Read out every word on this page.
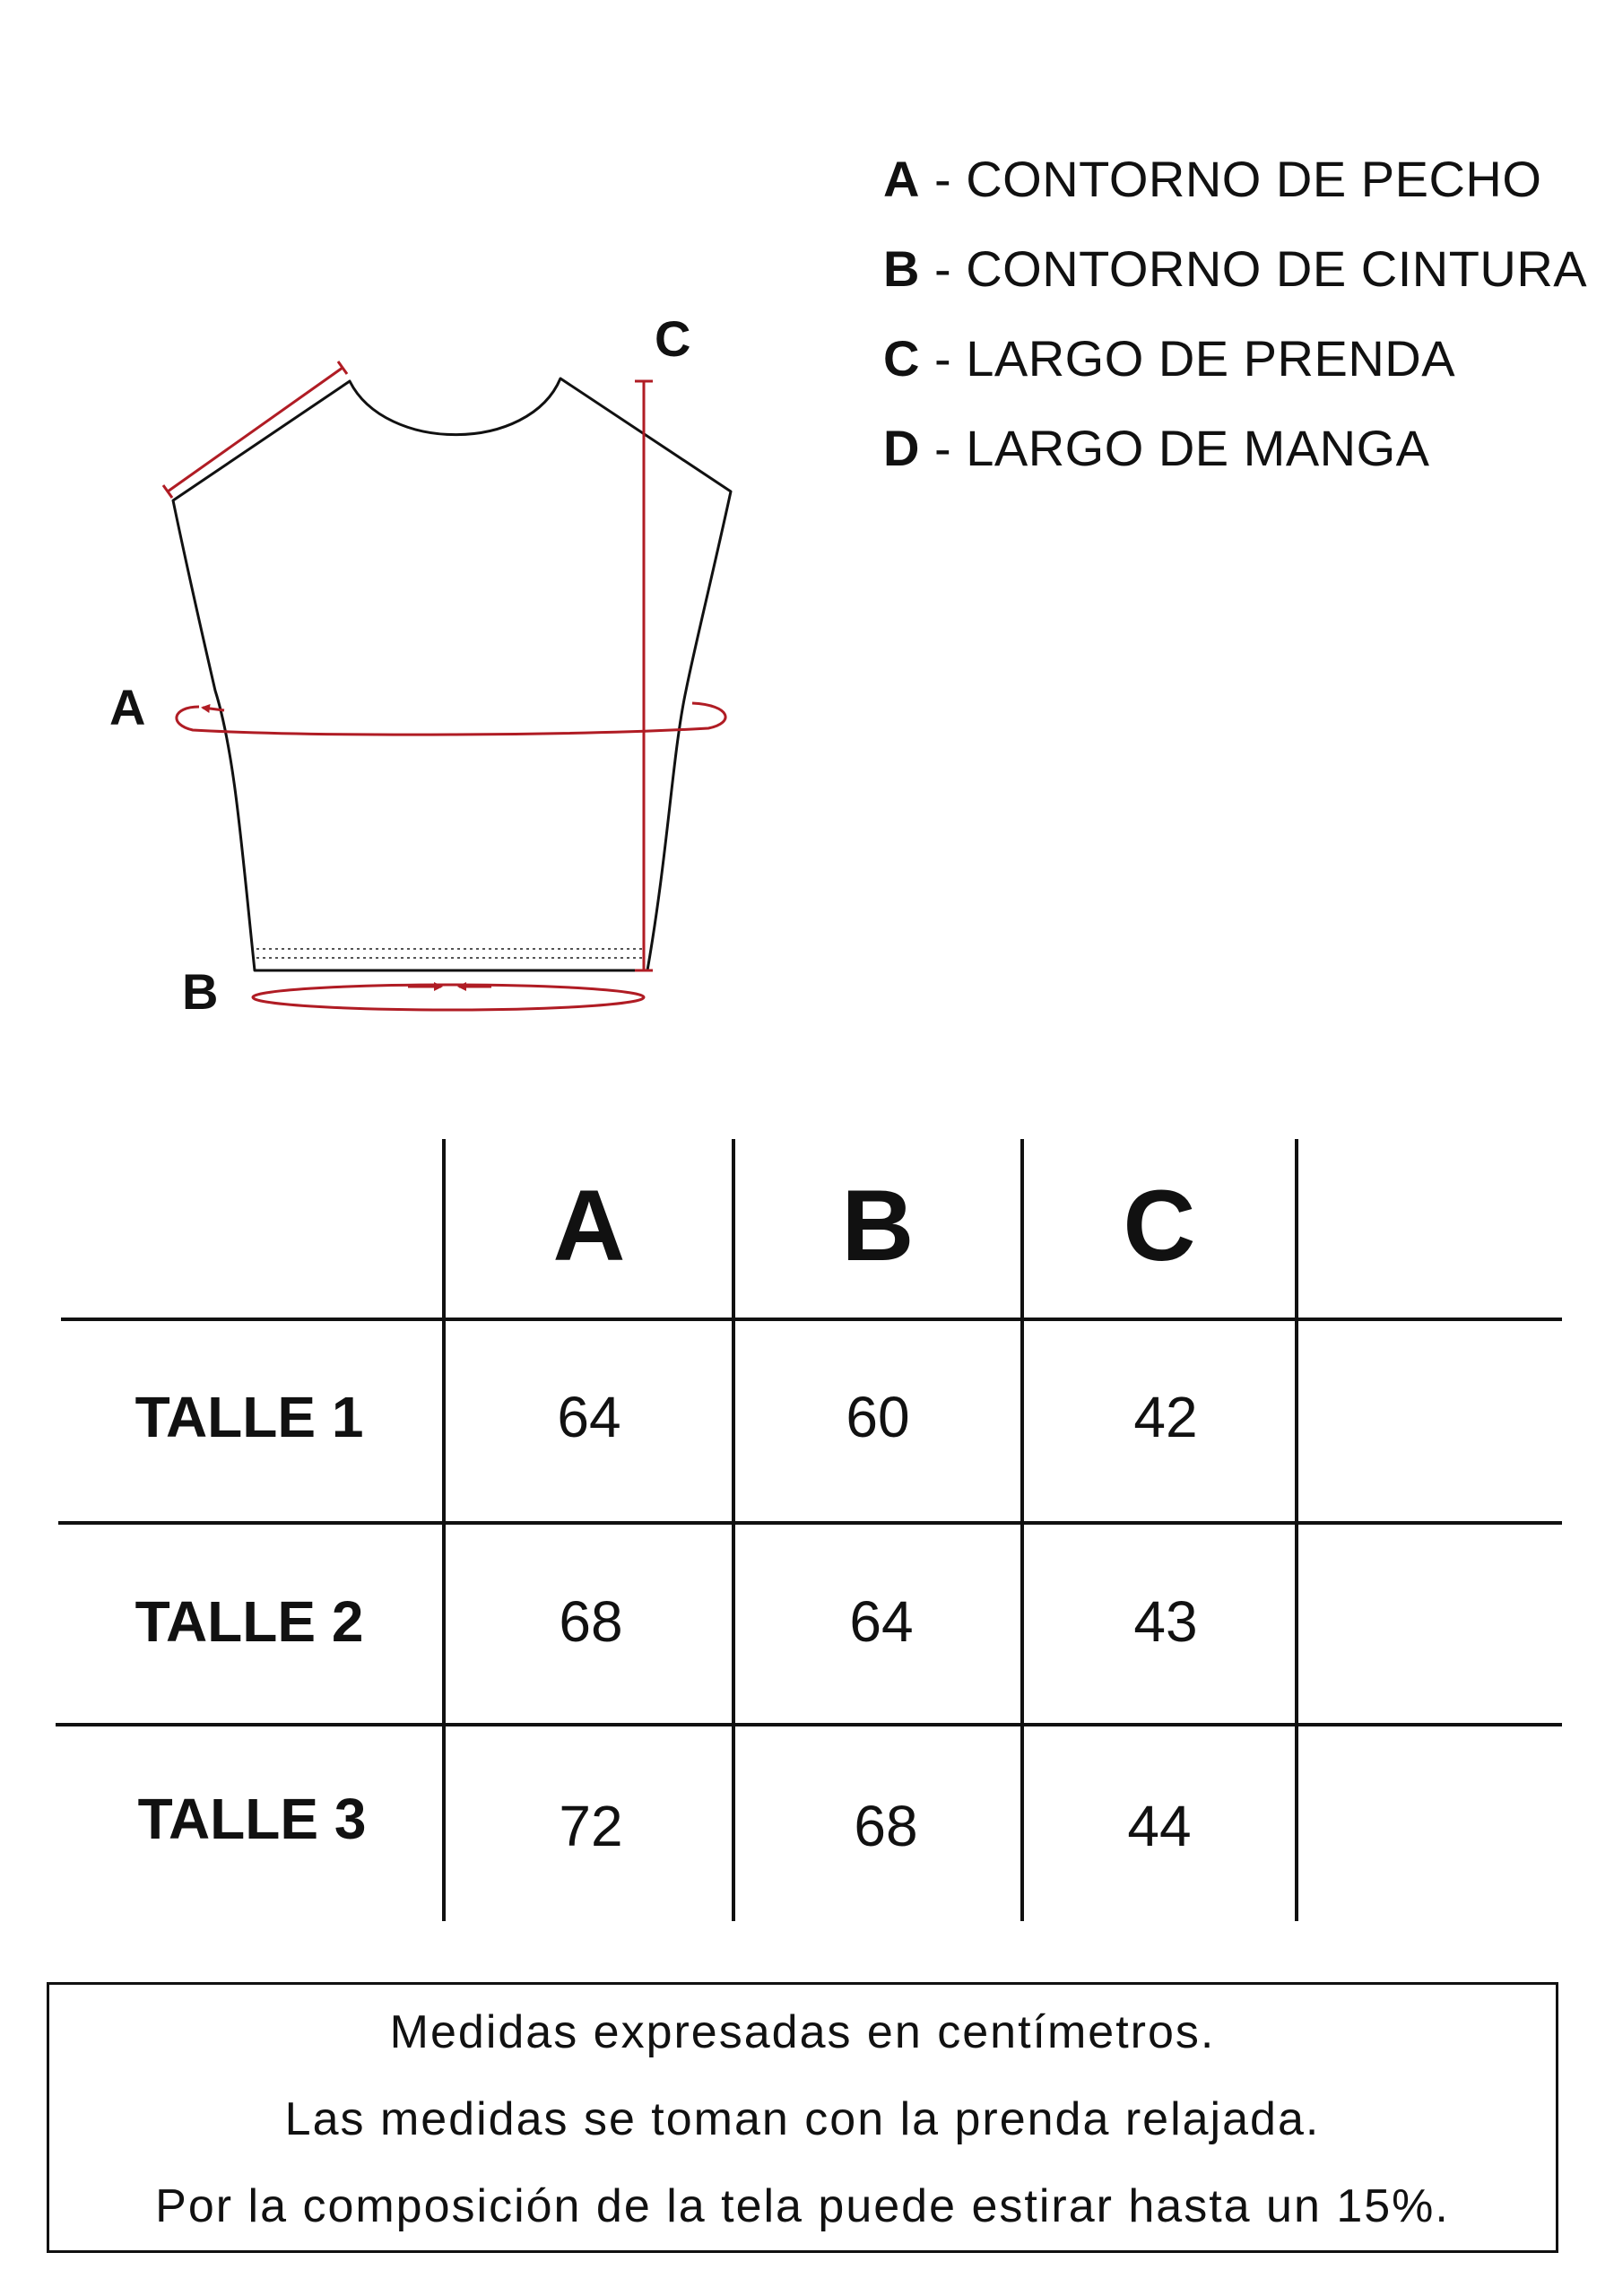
A
B
C
A - CONTORNO DE PECHO
B - CONTORNO DE CINTURA
C - LARGO DE PRENDA
D - LARGO DE MANGA
A B C
TALLE 1	64	60	42
TALLE 2	68	64	43
TALLE 3	72	68	44
Medidas expresadas en centímetros.
Las medidas se toman con la prenda relajada.
Por la composición de la tela puede estirar hasta un 15%.
